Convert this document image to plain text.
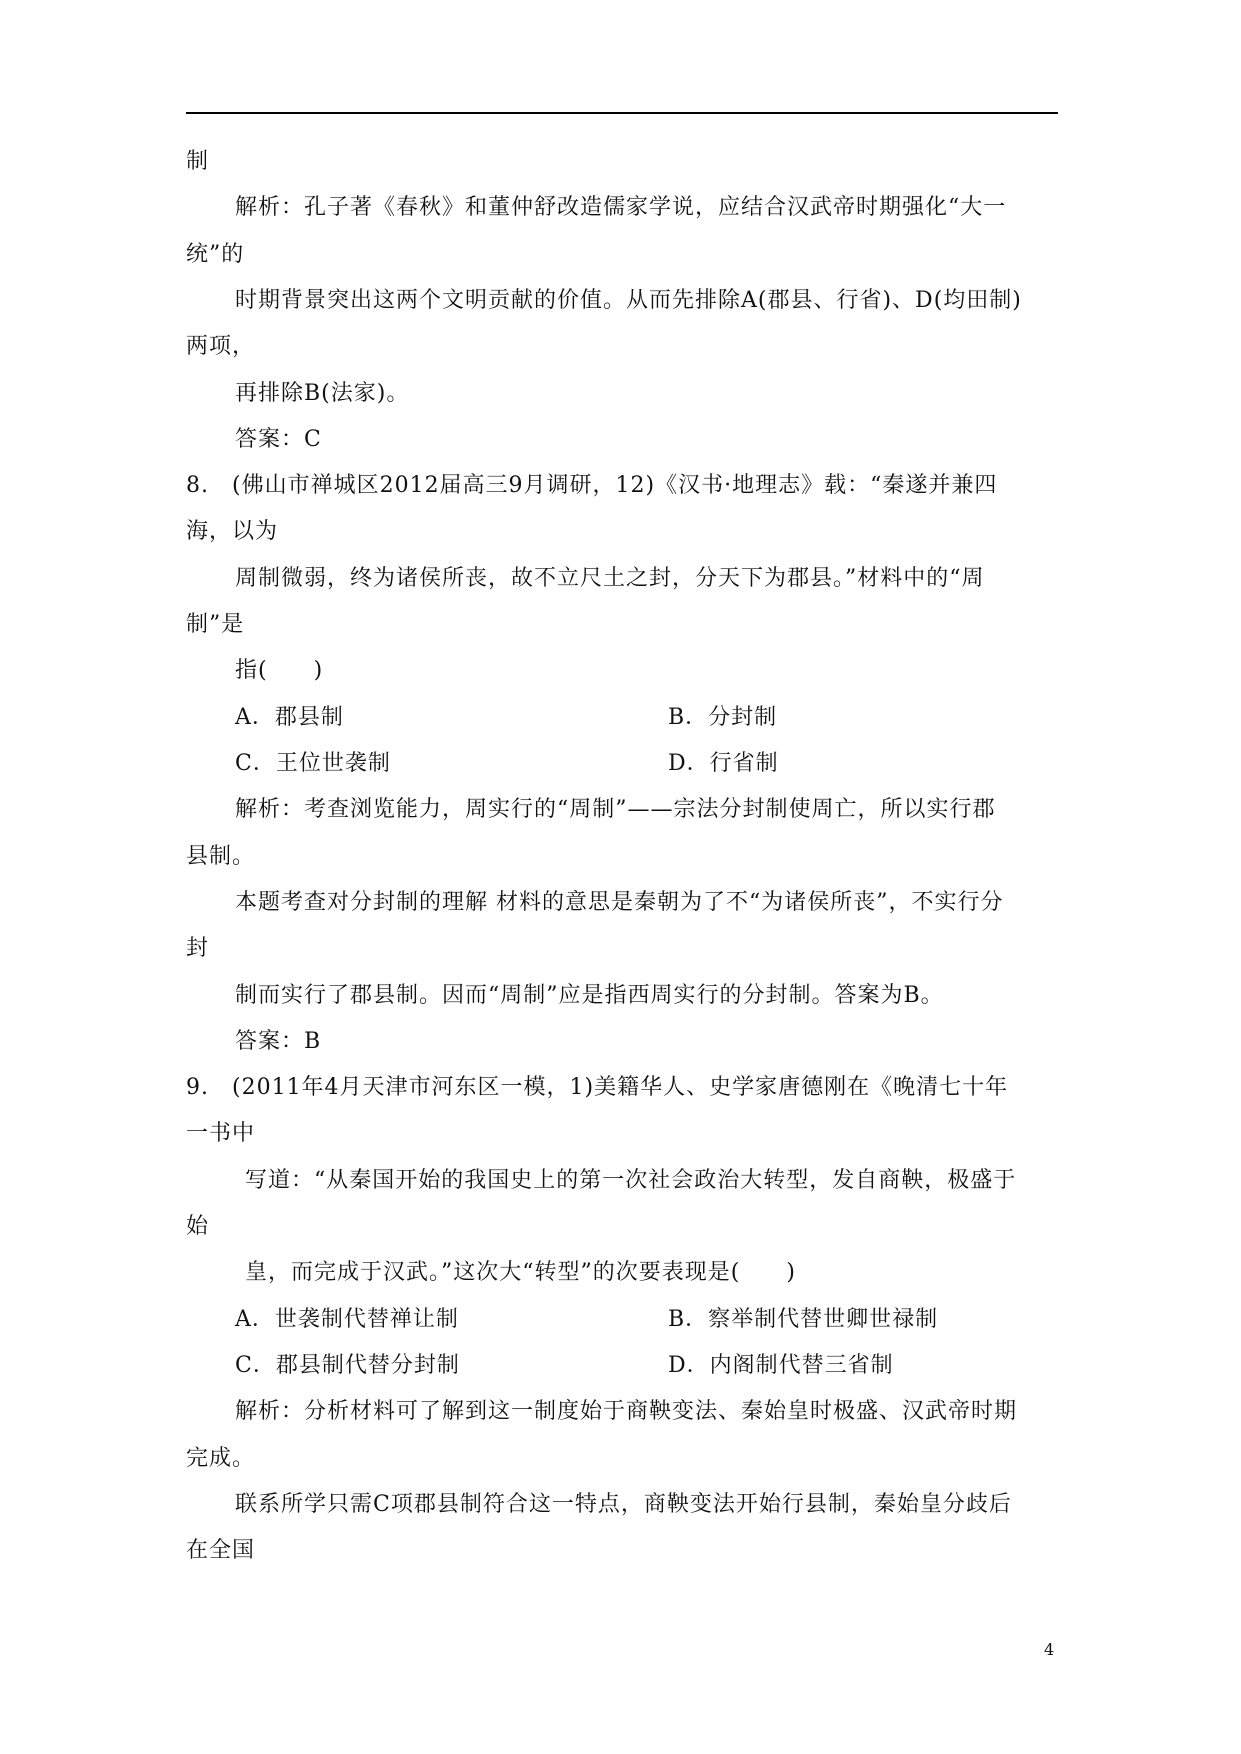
制
解析：孔子著《春秋》和董仲舒改造儒家学说，应结合汉武帝时期强化“大一
统”的
时期背景突出这两个文明贡献的价值。从而先排除A(郡县、行省)、D(均田制)
两项，
再排除B(法家)。
答案：C
8.　(佛山市禅城区2012届高三9月调研，12)《汉书·地理志》载：“秦遂并兼四
海，以为
周制微弱，终为诸侯所丧，故不立尺土之封，分天下为郡县。”材料中的“周
制”是
指(　　)
A．郡县制	B．分封制
C．王位世袭制	D．行省制
解析：考查浏览能力，周实行的“周制”——宗法分封制使周亡，所以实行郡
县制。
本题考查对分封制的理解 材料的意思是秦朝为了不“为诸侯所丧”，不实行分
封
制而实行了郡县制。因而“周制”应是指西周实行的分封制。答案为B。
答案：B
9.　(2011年4月天津市河东区一模，1)美籍华人、史学家唐德刚在《晚清七十年
一书中
写道：“从秦国开始的我国史上的第一次社会政治大转型，发自商鞅，极盛于
始
皇，而完成于汉武。”这次大“转型”的次要表现是(　　)
A．世袭制代替禅让制	B．察举制代替世卿世禄制
C．郡县制代替分封制	D．内阁制代替三省制
解析：分析材料可了解到这一制度始于商鞅变法、秦始皇时极盛、汉武帝时期
完成。
联系所学只需C项郡县制符合这一特点，商鞅变法开始行县制，秦始皇分歧后
在全国
4
